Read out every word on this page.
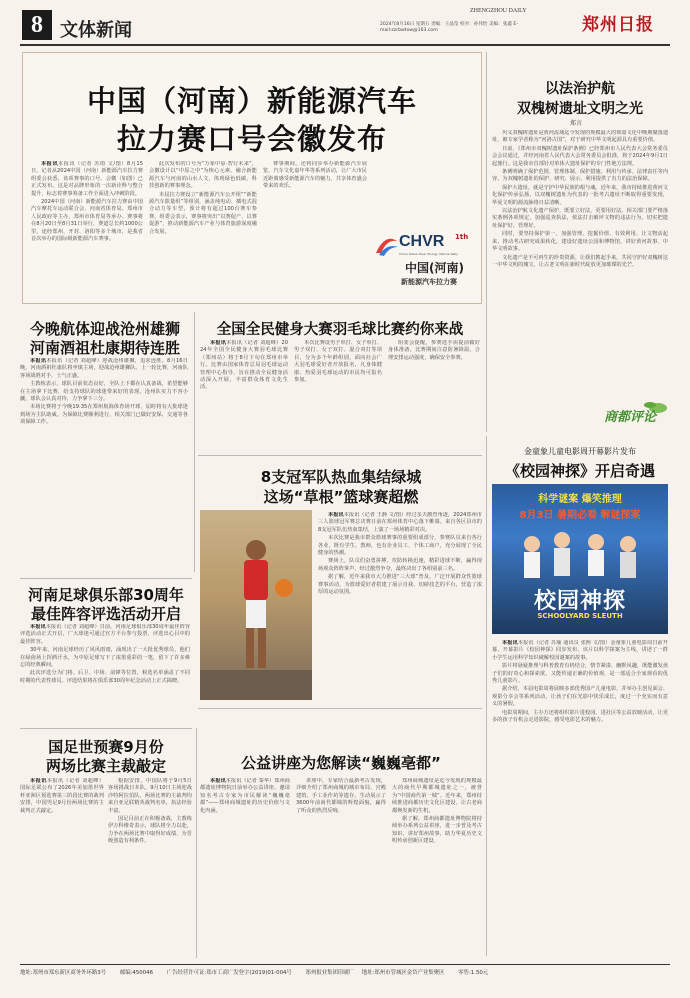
8 文体新闻
ZHENGZHOU DAILY
2024年8月16日 星期五 责编：王晶莹 校对：孙伟怡 美编：张鑫 E-mail:zzrbwtxw@163.com	郑州日报
中国（河南）新能源汽车
拉力赛口号会徽发布

本报讯本报讯（记者 苏雨 文/图）8月15日，记者从2024中国（河南）新能源汽车拉力赛组委会获悉，该项赛事的口号、会徽（如图）已正式发布。这是对品牌形象的一次新诠释与整合提升，标志着赛事筹备工作全面进入冲刺阶段。

2024中国（河南）新能源汽车拉力赛由中国汽车摩托车运动联合会、河南省体育局、郑州市人民政府等主办，郑州市体育局等承办。赛事将在8月20日至8月31日举行，赛道总长约1000公里，途经郑州、开封、洛阳等多个城市，是我省首次举办的国际级新能源汽车赛事。

此次发布的口号为“万象中原·智行未来”，会徽设计以“中原之中”为核心元素，融合新能源汽车与河南的山水人文，体现绿色低碳、科技创新的赛事理念。

本届拉力赛设立“新能源汽车公开组”“新能源汽车限量组”等组别，涵盖纯电动、插电式混合动力等车型，预计将有超过100台赛车参赛。组委会表示，赛事将突出“以赛促产、以赛促游”，推动新能源汽车产业与体育旅游深度融合发展。

赛事期间，还将同步举办新能源汽车展览、汽车文化嘉年华等系列活动，让广大市民近距离感受新能源汽车的魅力，共享体育盛会带来的欢乐。

CHVR 1th
China Yellow River Energy Vehicle Rally
中国(河南)
新能源汽车拉力赛
以法治护航
双槐树遗址文明之光
郑言

巩义双槐树遗址是黄河流域迄今发现的规模最大的仰韶文化中晚期聚落遗址，被专家学者称为“河洛古国”，对于研究中华文明起源具有重要价值。

日前，《郑州市双槐树遗址保护条例》已经郑州市人民代表大会常务委员会会议通过，并经河南省人民代表大会常务委员会批准，将于2024年9月1日起施行。这是我市首部针对单体大遗址保护的专门性地方法规。

条例明确了保护范围、管理体制、保护措施、利用与传承、法律责任等内容，为双槐树遗址的保护、研究、展示、利用提供了有力的法治保障。

保护大遗址，就是守护中华民族的根与魂。近年来，我市持续推进黄河文化保护传承弘扬，以双槐树遗址为代表的一批考古遗址不断取得重要发现，华夏文明的源流脉络日益清晰。

以法治护航文化遗产保护，既要立好法，更要用好法。相关部门要严格落实条例各项规定，加强巡查执法，依法打击破坏文物的违法行为，切实把遗址保护好、管理好。

同时，要坚持保护第一、加强管理、挖掘价值、有效利用、让文物活起来，推动考古研究成果转化，建设好遗址公园和博物馆，讲好黄河故事、中华文明故事。

文化遗产是不可再生的珍贵资源。让我们携起手来，共同守护好双槐树这一中华文明的瑰宝，让古老文明在新时代绽放更加璀璨的光芒。

商都评论
今晚航体迎战沧州雄狮
河南酒祖杜康期待连胜

本报讯本报讯（记者 刘超峰）迎战沧州雄狮，追求连胜。8月16日晚，河南酒祖杜康队将坐镇主场，迎战沧州雄狮队。上一轮比赛，河南队客场战胜对手，士气正盛。

主教练表示，球队目前状态良好，全队上下都在认真备战，希望能够在主场拿下比赛，给支持球队的球迷带来好的表现。沧州队实力不容小觑，球队会认真对待，力争拿下三分。

本场比赛将于今晚19:35在郑州航海体育场开球，届时将有大批球迷到场为主队助威。为保障比赛顺利进行，相关部门已做好安保、交通等各项保障工作。

全国全民健身大赛羽毛球比赛约你来战

本报讯本报讯（记者 刘超峰）2024年全国全民健身大赛羽毛球比赛（郑州站）将于8月下旬在郑州市举行。比赛由国家体育总局羽毛球运动管理中心指导，旨在推动全民健身活动深入开展，丰富群众体育文化生活。

本次比赛设男子单打、女子单打、男子双打、女子双打、混合双打等项目，分为多个年龄组别，面向社会广大羽毛球爱好者开放报名，凡身体健康、热爱羽毛球运动的市民均可报名参加。

组委会提醒，参赛选手需提前做好身体准备，比赛期间注意防暑降温，合理安排运动强度，确保安全参赛。

8支冠军队热血集结绿城
这场“草根”篮球赛超燃

本报讯本报讯（记者 王静 文/图）经过多天激烈角逐，2024郑州市三人篮球冠军赛总决赛日前在郑州体育中心落下帷幕。来自各区县市的8支冠军队伍热血集结，上演了一场场精彩对决。

本次比赛是我市群众篮球赛事的重要组成部分，参赛队员来自各行各业，既有学生、教师，也有企业员工、个体工商户，充分展现了全民健身的热潮。

赛场上，队员们奋勇拼搏，攻防转换迅速，精彩进球不断，赢得现场观众阵阵掌声。经过激烈争夺，最终决出了各组别前三名。

据了解，近年来我市大力推进“三大球”普及，广泛开展群众性篮球赛事活动，为篮球爱好者搭建了展示自我、切磋技艺的平台，营造了浓厚的运动氛围。

河南足球俱乐部30周年
最佳阵容评选活动开启

本报讯本报讯（记者 刘超峰）日前，河南足球俱乐部30周年最佳阵容评选活动正式开启，广大球迷可通过官方平台参与投票，评选出心目中的最佳阵容。

30年来，河南足球经历了风风雨雨，涌现出了一大批优秀球员，他们在绿茵场上挥洒汗水，为中原足球写下了浓墨重彩的一笔，留下了许多难忘的经典瞬间。

此次评选分为门将、后卫、中场、前锋等位置，候选名单涵盖了不同时期的代表性球员。评选结果将在俱乐部30周年纪念活动上正式揭晓。

金童象儿童电影周开幕影片发布
《校园神探》开启奇遇
科学谜案 爆笑推理
8月3日 暑期必看 解谜探案
校园神探
SCHOOLYARD SLEUTH

本报讯本报讯（记者 苏瑜 通讯员 张熙 文/图）金童象儿童电影周日前开幕，开幕影片《校园神探》同步发布，该片以科学探案为主线，讲述了一群小学生运用科学知识破解校园谜案的故事。

影片将悬疑推理与科普教育有机结合，情节紧凑、幽默风趣，既能激发孩子们的好奇心和探索欲，又能传递正确的价值观，是一部适合全家观看的优秀儿童影片。

据介绍，本届电影周将展映多部优秀国产儿童电影，并举办主创见面会、观影分享会等系列活动，让孩子们在光影中快乐成长，度过一个充实而有意义的暑假。

电影周期间，主办方还将组织影片进校园、进社区等公益放映活动，让更多的孩子有机会走进影院，感受电影艺术的魅力。

国足世预赛9月份
两场比赛主裁敲定

本报讯本报讯（记者 刘超峰）国际足联公布了2026年美加墨世界杯亚洲区预选赛第三阶段比赛的裁判安排，中国男足9月份两场比赛的主裁判正式敲定。

根据安排，中国队将于9月5日客场挑战日本队，9月10日主场迎战沙特阿拉伯队。两场比赛的主裁判均来自亚足联精英裁判名单，执法经验丰富。

国足目前正在积极备战，主教练伊万科维奇表示，球队将全力以赴，力争在两场比赛中取得好成绩，为晋级创造有利条件。

公益讲座为您解读“巍巍亳都”

本报讯本报讯（记者 秦华）郑州商都遗址博物院日前举办公益讲座，邀请知名考古专家为市民解读“巍巍亳都”——郑州商城遗址的历史价值与文化内涵。

讲座中，专家结合最新考古发现，详细介绍了郑州商城的城市布局、宫殿建筑、手工业作坊等遗存，生动展示了3600年前商代都城的辉煌面貌，赢得了听众的热烈反响。

郑州商城遗址是迄今发现的规模最大的商代早期都城遗址之一，被誉为“中国商代第一城”。近年来，郑州持续推进商都历史文化区建设，让古老商都焕发新的生机。

据了解，郑州商都遗址博物院将持续举办系列公益讲座，进一步普及考古知识，讲好郑州故事，助力华夏历史文明传承创新区建设。

地址:郑州市郑东新区商务外环路3号	邮编:450046	广告经营许可证:郑市工商广发登字(2019)01-004号	郑州报业集团印刷厂 地址:郑州市管城区金岱产业集聚区	零售:1.50元
